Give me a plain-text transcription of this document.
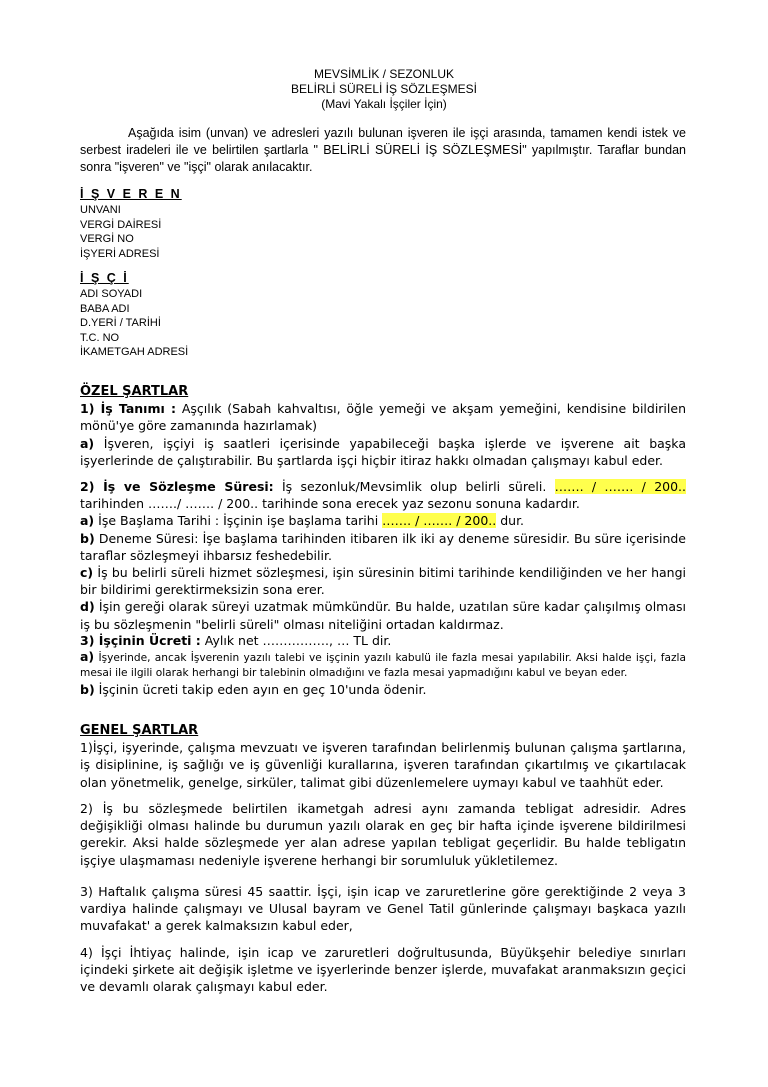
MEVSİMLİK / SEZONLUK
BELİRLİ SÜRELİ İŞ SÖZLEŞMESİ
(Mavi Yakalı İşçiler İçin)
Aşağıda isim (unvan) ve adresleri yazılı bulunan işveren ile işçi arasında, tamamen kendi istek ve serbest iradeleri ile ve belirtilen şartlarla " BELİRLİ SÜRELİ İŞ SÖZLEŞMESİ" yapılmıştır. Taraflar bundan sonra "işveren" ve "işçi" olarak anılacaktır.
İ Ş V E R E N
UNVANI
VERGİ DAİRESİ
VERGİ NO
İŞYERİ ADRESİ
İ Ş Ç İ
ADI SOYADI
BABA ADI
D.YERİ / TARİHİ
T.C. NO
İKAMETGAH ADRESİ
ÖZEL ŞARTLAR

1) İş Tanımı : Aşçılık (Sabah kahvaltısı, öğle yemeği ve akşam yemeğini, kendisine bildirilen mönü'ye göre zamanında hazırlamak)

a) İşveren, işçiyi iş saatleri içerisinde yapabileceği başka işlerde ve işverene ait başka işyerlerinde de çalıştırabilir. Bu şartlarda işçi hiçbir itiraz hakkı olmadan çalışmayı kabul eder.

2) İş ve Sözleşme Süresi: İş sezonluk/Mevsimlik olup belirli süreli. ……. / ……. / 200.. tarihinden ……./ ……. / 200.. tarihinde sona erecek yaz sezonu sonuna kadardır.

a) İşe Başlama Tarihi : İşçinin işe başlama tarihi ……. / ……. / 200.. dur.

b) Deneme Süresi: İşe başlama tarihinden itibaren ilk iki ay deneme süresidir. Bu süre içerisinde taraflar sözleşmeyi ihbarsız feshedebilir.

c) İş bu belirli süreli hizmet sözleşmesi, işin süresinin bitimi tarihinde kendiliğinden ve her hangi bir bildirimi gerektirmeksizin sona erer.

d) İşin gereği olarak süreyi uzatmak mümkündür. Bu halde, uzatılan süre kadar çalışılmış olması iş bu sözleşmenin "belirli süreli" olması niteliğini ortadan kaldırmaz.

3) İşçinin Ücreti : Aylık net ……………., … TL dir.

a) İşyerinde, ancak İşverenin yazılı talebi ve işçinin yazılı kabulü ile fazla mesai yapılabilir. Aksi halde işçi, fazla mesai ile ilgili olarak herhangi bir talebinin olmadığını ve fazla mesai yapmadığını kabul ve beyan eder.

b) İşçinin ücreti takip eden ayın en geç 10'unda ödenir.

GENEL ŞARTLAR

1)İşçi, işyerinde, çalışma mevzuatı ve işveren tarafından belirlenmiş bulunan çalışma şartlarına, iş disiplinine, iş sağlığı ve iş güvenliği kurallarına, işveren tarafından çıkartılmış ve çıkartılacak olan yönetmelik, genelge, sirküler, talimat gibi düzenlemelere uymayı kabul ve taahhüt eder.

2) İş bu sözleşmede belirtilen ikametgah adresi aynı zamanda tebligat adresidir. Adres değişikliği olması halinde bu durumun yazılı olarak en geç bir hafta içinde işverene bildirilmesi gerekir. Aksi halde sözleşmede yer alan adrese yapılan tebligat geçerlidir. Bu halde tebligatın işçiye ulaşmaması nedeniyle işverene herhangi bir sorumluluk yükletilemez.
3) Haftalık çalışma süresi 45 saattir. İşçi, işin icap ve zaruretlerine göre gerektiğinde 2 veya 3 vardiya halinde çalışmayı ve Ulusal bayram ve Genel Tatil günlerinde çalışmayı başkaca yazılı muvafakat' a gerek kalmaksızın kabul eder,
4) İşçi İhtiyaç halinde, işin icap ve zaruretleri doğrultusunda, Büyükşehir belediye sınırları içindeki şirkete ait değişik işletme ve işyerlerinde benzer işlerde, muvafakat aranmaksızın geçici ve devamlı olarak çalışmayı kabul eder.
